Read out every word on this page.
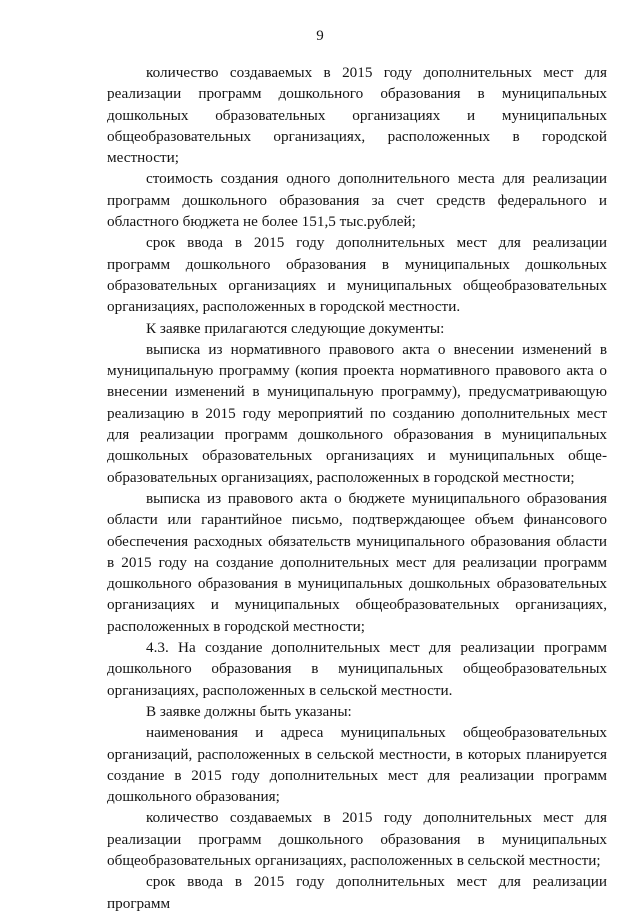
9

количество создаваемых в 2015 году дополнительных мест для реализации программ дошкольного образования в муниципальных дошкольных образовательных организациях и муниципальных общеобразовательных организациях, расположенных в городской местности;

стоимость создания одного дополнительного места для реализации программ дошкольного образования за счет средств федерального и областного бюджета не более 151,5 тыс.рублей;

срок ввода в 2015 году дополнительных мест для реализации программ дошкольного образования в муниципальных дошкольных образовательных организациях и муниципальных общеобразовательных организациях, расположенных в городской местности.

К заявке прилагаются следующие документы:

выписка из нормативного правового акта о внесении изменений в муниципальную программу (копия проекта нормативного правового акта о внесении изменений в муниципальную программу), предусматривающую реализацию в 2015 году мероприятий по созданию дополнительных мест для реализации программ дошкольного образования в муниципальных дошкольных образовательных организациях и муниципальных общеобразовательных организациях, расположенных в городской местности;

выписка из правового акта о бюджете муниципального образования области или гарантийное письмо, подтверждающее объем финансового обеспечения расходных обязательств муниципального образования области в 2015 году на создание дополнительных мест для реализации программ дошкольного образования в муниципальных дошкольных образовательных организациях и муниципальных общеобразовательных организациях, расположенных в городской местности;

4.3. На создание дополнительных мест для реализации программ дошкольного образования в муниципальных общеобразовательных организациях, расположенных в сельской местности.

В заявке должны быть указаны:

наименования и адреса муниципальных общеобразовательных организаций, расположенных в сельской местности, в которых планируется создание в 2015 году дополнительных мест для реализации программ дошкольного образования;

количество создаваемых в 2015 году дополнительных мест для реализации программ дошкольного образования в муниципальных общеобразовательных организациях, расположенных в сельской местности;

срок ввода в 2015 году дополнительных мест для реализации программ
